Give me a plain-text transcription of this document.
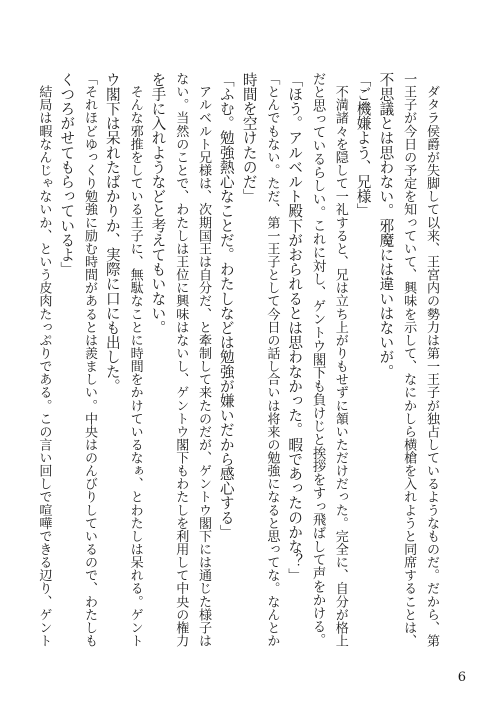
　ダタラ侯爵が失脚して以来、王宮内の勢力は第一王子が独占しているようなものだ。だから、第
一王子が今日の予定を知っていて、興味を示して、なにかしら横槍を入れようと同席することは、
不思議とは思わない。邪魔には違いはないが。
「ご機嫌よう、兄様」
　不満諸々を隠して一礼すると、兄は立ち上がりもせずに頷いただけだった。完全に、自分が格上
だと思っているらしい。これに対し、ゲントウ閣下も負けじと挨拶をすっ飛ばして声をかける。
「ほう。アルベルト殿下がおられるとは思わなかった。暇であったのかな？」
「とんでもない。ただ、第一王子として今日の話し合いは将来の勉強になると思ってな。なんとか
時間を空けたのだ」
「ふむ。勉強熱心なことだ。わたしなどは勉強が嫌いだから感心する」
　アルベルト兄様は、次期国王は自分だ、と牽制して来たのだが、ゲントウ閣下には通じた様子は
ない。当然のことで、わたしは王位に興味はないし、ゲントウ閣下もわたしを利用して中央の権力
を手に入れようなどと考えてもいない。
　そんな邪推をしている王子に、無駄なことに時間をかけているなぁ、とわたしは呆れる。ゲント
ウ閣下は呆れたばかりか、実際に口にも出した。
「それほどゆっくり勉強に励む時間があるとは羨ましい。中央はのんびりしているので、わたしも
くつろがせてもらっているよ」
　結局は暇なんじゃないか、という皮肉たっぷりである。この言い回しで喧嘩できる辺り、ゲント
6
